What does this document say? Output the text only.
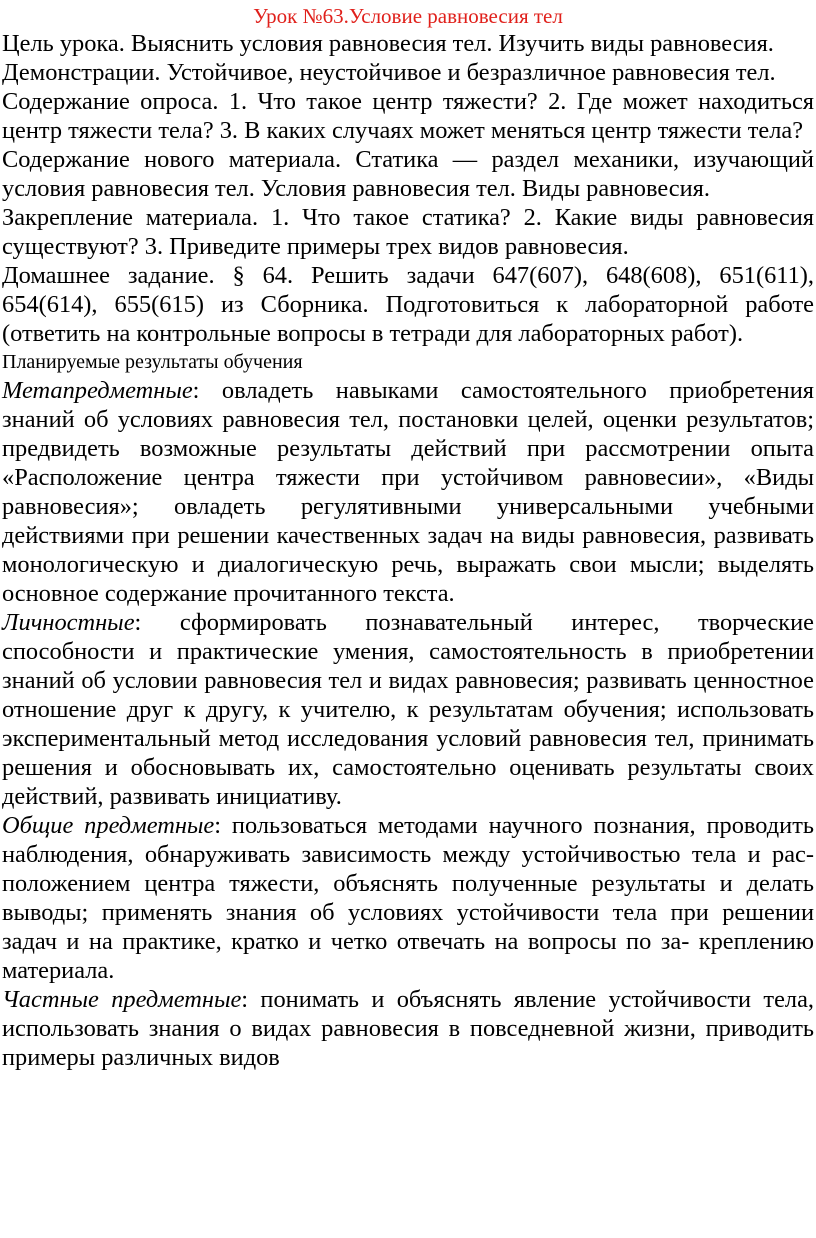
Урок №63.Условие равновесия тел

Цель урока. Выяснить условия равновесия тел. Изучить виды равновесия.

Демонстрации. Устойчивое, неустойчивое и безразличное равновесия тел.

Содержание опроса. 1. Что такое центр тяжести? 2. Где может находиться центр тяжести тела? 3. В каких случаях может меняться центр тяжести тела?

Содержание нового материала. Статика — раздел механики, изучающий условия равновесия тел. Условия равновесия тел. Виды равновесия.

Закрепление материала. 1. Что такое статика? 2. Какие виды равновесия существуют? 3. Приведите примеры трех видов равновесия.

Домашнее задание. § 64. Решить задачи 647(607), 648(608), 651(611), 654(614), 655(615) из Сборника. Подготовиться к лабораторной работе (ответить на контрольные вопросы в тетради для лабораторных работ).

Планируемые результаты обучения

Метапредметные: овладеть навыками самостоятельного приобретения знаний об условиях равновесия тел, постановки целей, оценки результатов; предвидеть возможные результаты действий при рассмотрении опыта «Расположение центра тяжести при устойчивом равновесии», «Виды равновесия»; овладеть регулятивными универсальными учебными действиями при решении качественных задач на виды равновесия, развивать монологическую и диалогическую речь, выражать свои мысли; выделять основное содержание прочитанного текста.

Личностные: сформировать познавательный интерес, творческие способности и практические умения, самостоятельность в приобретении знаний об условии равновесия тел и видах равновесия; развивать ценностное отношение друг к другу, к учителю, к результатам обучения; использовать экспериментальный метод исследования условий равновесия тел, принимать решения и обосновывать их, самостоятельно оценивать результаты своих действий, развивать инициативу.

Общие предметные: пользоваться методами научного познания, проводить наблюдения, обнаруживать зависимость между устойчивостью тела и рас- положением центра тяжести, объяснять полученные результаты и делать выводы; применять знания об условиях устойчивости тела при решении задач и на практике, кратко и четко отвечать на вопросы по за- креплению материала.

Частные предметные: понимать и объяснять явление устойчивости тела, использовать знания о видах равновесия в повседневной жизни, приводить примеры различных видов
